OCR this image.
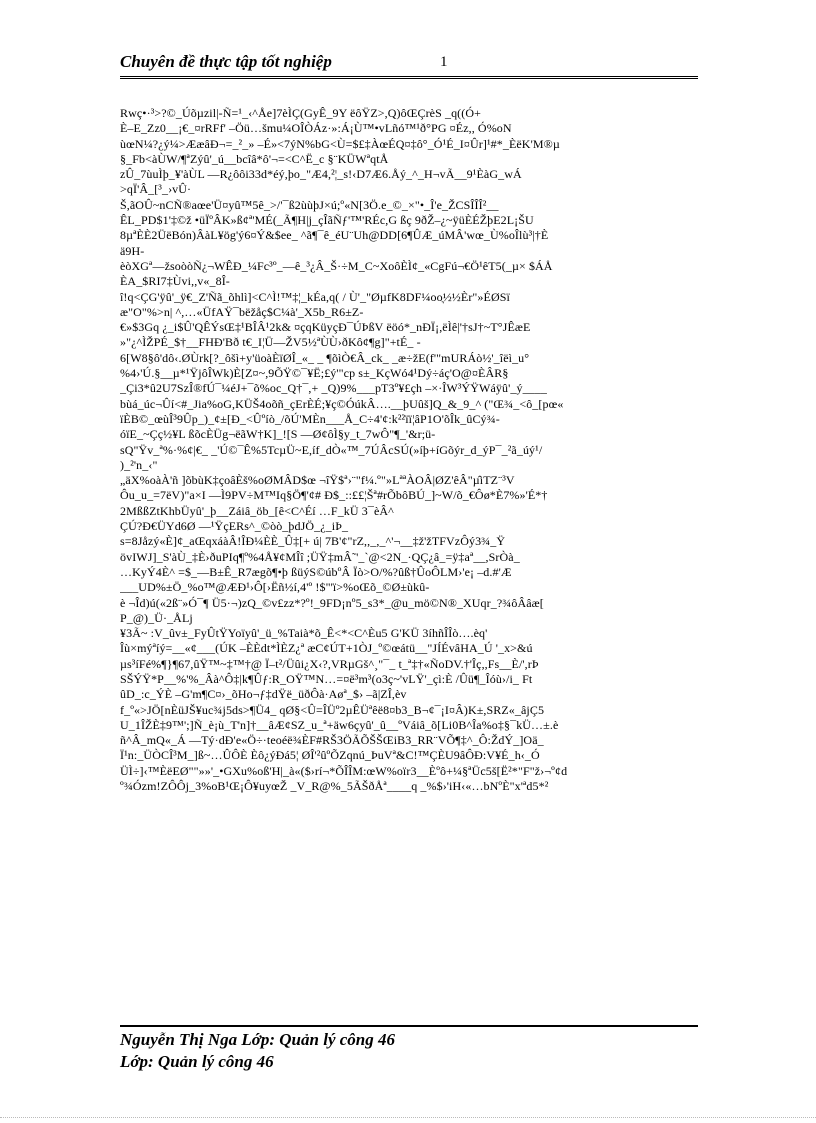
Chuyên đề thực tập tốt nghiệp	1
Rwç•·³>?©_Úõµzil|-Ñ=¹_‹^Åe]7èÌÇ(GyÊ_9Y ëôŸZ>,Q)ôŒÇrèS _q((Ó+
È–E_Zz0__¡€_¤rRFf' –Öü…šmu¼OÎÒÁz·»:Á¡Ù™•vLñó™¹ð°PG ¤Éz,, Ó%oN
ùœN¼?¿ý¼>ÆæâÐ¬=_²_» –É»<7ýN%bG<Ù=$£‡ÀœÉQ¤‡ô°_Ó¹É_I¤Ûr]¹#*_ÈëK'M®µ
§_Fb<àÙW/¶ªZýû'_ú__bcîâ*ô'¬=<C^Ë_c §¨KÜWªqtÅ
zÛ_7ùuÌþ_¥'àÙL —R¿ôôi33d*éý,þo_"Æ4,²¦_s!‹D7Æ6.Åý_^_H¬vÃ__9¹ÈàG_wÁ
>qÏ'Â_[³_›vÛ·
Š,ãOÛ~nCÑ®aœe'Ü¤yû™5ê_>/'¯ß2ùùþJ×ú;º«N[3Ö.e_©_×"•_Î'e_ŽCSÎÎÎ²__
ÊL_PD$1'‡©ž •üÏºÂK»ß¢ª'MÉ(_Ã¶H|j_çÎãÑƒ'™'RÉc,G ßç 9ðŽ–¿~ÿüÈÉŽþE2L¡ŠU
8µªÈÈ2ÜëBón)ÂàL¥ög'ý6¤Ý&$ee_ ^ã¶¯ê_éU¨Uh@DD[6¶ÛÆ_úMÂ'wœ_Ù%oÎlù³|†È
ä9H-
èòXGª—žsoòòÑ¿¬WÊÐ_¼Fc³º_—ê_³¿Â_Š·÷M_C~XoôÈÌ¢_«CgFú¬€Ö¹êT5(_µ× $ÁÅ
ÈA_$RI7‡Ùvi,,v«_8Î-
î!q<ÇG'ÿû'_ÿ€_Z'Ñã_õhlì]<C^Ì!™‡¦_kÉa,q( / Ù'_"ØµfK8DF¼oo͉½½Èr"»ÉØSï
æ"O"%>n| ^,…«ÜfAŸ¯bëžåç$C¼à'_X5b_R6±Z-
€»$3Gq ¿_i$Û'QÊÝsŒ‡¹BÎÂ¹2k& ¤çqKüyçÐ¯ÚÞßV ëöó*_nÐÏ¡,ëÌê|'†sJ†~T°JÊæE
»"¿^ÌŽPÉ_$†__FHÐ'Bð t€_I¦Ü—ŽV5½ªÙÙ›ðKô¢¶g]"+tÉ_ -
6[W8§ô'dô‹.ØÙrk[?_ôšì+y'üoàÈïØÎ_«_ _ ¶õìÒ€Â_ck_ _æ÷žE(f'"mURÁò½'_îëì_u°
%4›'Ú.§__µ*¹ŸjôÎWk)È[Z¤~,9ÕŸ©¯¥Ë;£ý'"cp s±_KçWó4¹Dý÷áç'O@¤ÈÂR§
_Çi3*û2U7SzÎ®fÚ¯¼éJ+¯õ%oc_Q†¯,+ _Q)9%___pT3º¥£çh –×·ÎW³ÝŸWáÿû'_ý____
bùá_úc¬Ûí<#_Jia%oG,KÜŠ4oõñ_çErÈÉ;¥ç©ÓúkÂ….__þUûš]Q_&_9_^ ("Œ¾_<ô_[pœ«
ïÈB©_œùÎ³9Ûp_)_¢±[Ð_<Ûºíò_/õÚ'MÈn___Å_C÷4'¢:k²²ïï¦âP1O'õÎk_ûCý¾-
óïE_~Çç½¥L ßõcÈÜg¬ëãW†K]_![S —Ø¢ôÌ§y_t_7wÔ"¶_'&r;ü-
sQ"Ÿv_ª%·%¢|€_ _'Ú©¯Ê%5TcµÜ~E,íf_dÒ«™_7ÚÂcSÚ(»íþ+íGõýr_d_ýP¯_²ã_úý¹/
)_²'n_‹"
„äX%oàÀ'ñ ]õbùK‡çoâÈš%oØMÂD$œ ¬îŸ$ª›¨"f¼.º"»LªªÀOÂ|ØZ'êÂ"µ̂iTZ¨³V
Ôu_u_=7ëV)"a×I —Ì9PV÷M™Iq§Ö¶'¢# Ð$_::££¦Šª#rÕbôBÚ_]~W/õ_€Ôø*È7%»'É*†
2MßßZtKhbÜyû'_þ__Záiâ_öb_[ê<C^Éí …F_kÜ 3¯èÂ^
ÇÚ?Ð€ÜYd6Ø —¹ŸçERs^_©òò_þdJÖ_¿_iÞ_
s=8Jåzý«È]¢_aŒqxáàÂ!ÎÐ¼ÈÈ_Û‡[+ ú| 7B'¢"rZ,,_,_^'¬__‡ž'žTFVzÔý3¾_Ÿ
övIWJ]_S'àÙ_‡È›ðuPIq¶º%4Å¥¢MÎî ;ÜŸ‡mÂ˜'_`@<2N_·QÇ¿â_=ÿ‡aª__,SrÒà_
…KyÝ4È^ =$_—B±Ê_R7ægõ¶•þ ßüýS©úbºÂ Ïò>O/%?ûß†ÛoÔLM›'e¡ –d.#'Æ
___UD%±Ö_%o™@ÆÐ¹›Ô[›Ëñ½í,4'º !$"'ï>%oŒõ_©Ø±ùkû-
è ¬Îd)ú(«2ß¨»Ó¯¶ Ü5·¬)zQ_©v£zz*?º!_9FD¡nº5_s3*_@u_mö©N®_XUqr_?¾ôÂâæ[
P_@)_Ü·_ÅLj
¥3Ã~ :V_ûv±_FyÛtŸYoïyû'_ü_%Taià*õ_Ê<*<C^Èu5 G'KÜ 3íhñÎÎò….èq'
Îù×mýªíý=__«¢___(ÚK –ÈÈdt*ÌÈZ¿ª æC¢ÚT+1ÒJ_º©œátü__"JÍÉvâHA_Ú '_x>&ú
µs³íFé%¶}¶67,ûŸ™~‡™†@ Ï–t²/Üûi¿X‹?,VRµGš^¸"¯_ t_ª‡†«ÑoDV.†'Îç,,Fs__È/',rÞ
SŠÝŸ*P__%'%_Âà^Ô‡|k¶Ûƒ:R_OŸ™N…=¤ë³m³(o3ç~'vLŸ'_çì:È /Ûü¶_Îóù›/i_ Ft
ûD_:c_ÝÈ –G'm¶C¤›_õHo¬ƒ‡dŸë_üðÔà·Aøª_$› –ã|ZÎ,èv
f_º«>JÖ[nÈüJŠ¥uc¾j5ds>¶Ü4_ qØ§<Û=ÎÜº2µÊÜªêë8¤b3_B¬¢¯¡I¤Â)K±,SRZ«_âjÇ5
U_1ÎŽÈ‡9™';]Ñ_è¡ù_T'n]†__âÆ¢SZ_u_ª+äw6çyû'_û__ºVáiâ_õ[Li0B^Îa%o‡§¯kÜ…±.è
ñ^Â_mQ«_Á —Tý·dÐ'e«Ö÷·teoéë¾ÈF#RŠ3ÖÃÕŠŠŒiB3_RR¨VÕ¶‡^_Ô:ŽdÝ_]Oä_
Ï¹n:_ÜÒCÎ³M_]ß~…ÛÔÈ Èô¿ýÐá5¦ ØÎ'²ûºÕZqnú_ÞuVª&C!™ÇÈU9âÔÐ:V¥É_h‹_Ó
ÜÌ÷]‹™ÈëEØ""»»'_•GXu%oß'H|_à«($›rí¬*ÕÎÎM:œW%oïr3__Èºô+¼§ªÜc5š[Ë²*"F"ž›¬º¢d
º¾Ózm!ZÔÔj_3%oB¹Œ¡Ô¥uyœŽ _V_R@%_5ÃŠðÅª____q _%$›'iH‹«…bNºÈ"x'ªd5*²
Nguyễn Thị Nga Lớp: Quản lý công 46
Lớp: Quản lý công 46
